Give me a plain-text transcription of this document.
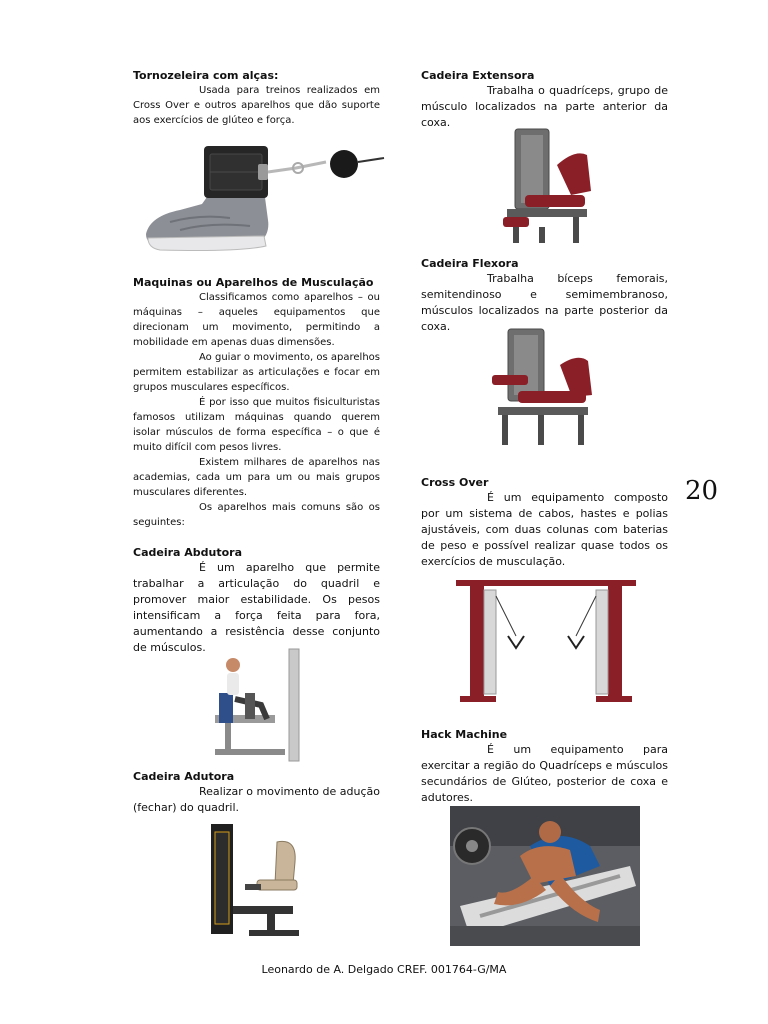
Tornozeleira com alças:

Usada para treinos realizados em Cross Over e outros aparelhos que dão suporte aos exercícios de glúteo e força.

Maquinas ou Aparelhos de Musculação

Classificamos como aparelhos – ou máquinas – aqueles equipamentos que direcionam um movimento, permitindo a mobilidade em apenas duas dimensões.

Ao guiar o movimento, os aparelhos permitem estabilizar as articulações e focar em grupos musculares específicos.

É por isso que muitos fisiculturistas famosos utilizam máquinas quando querem isolar músculos de forma específica – o que é muito difícil com pesos livres.

Existem milhares de aparelhos nas academias, cada um para um ou mais grupos musculares diferentes.

Os aparelhos mais comuns são os seguintes:

Cadeira Abdutora

É um aparelho que permite trabalhar a articulação do quadril e promover maior estabilidade. Os pesos intensificam a força feita para fora, aumentando a resistência desse conjunto de músculos.

Cadeira Adutora

Realizar o movimento de adução (fechar) do quadril.

Cadeira Extensora

Trabalha o quadríceps, grupo de músculo localizados na parte anterior da coxa.

Cadeira Flexora

Trabalha bíceps femorais, semitendinoso e semimembranoso, músculos localizados na parte posterior da coxa.

Cross Over

É um equipamento composto por um sistema de cabos, hastes e polias ajustáveis, com duas colunas com baterias de peso e possível realizar quase todos os exercícios de musculação.

Hack Machine

É um equipamento para exercitar a região do Quadríceps e músculos secundários de Glúteo, posterior de coxa e adutores.

20
Leonardo de A. Delgado CREF. 001764-G/MA
